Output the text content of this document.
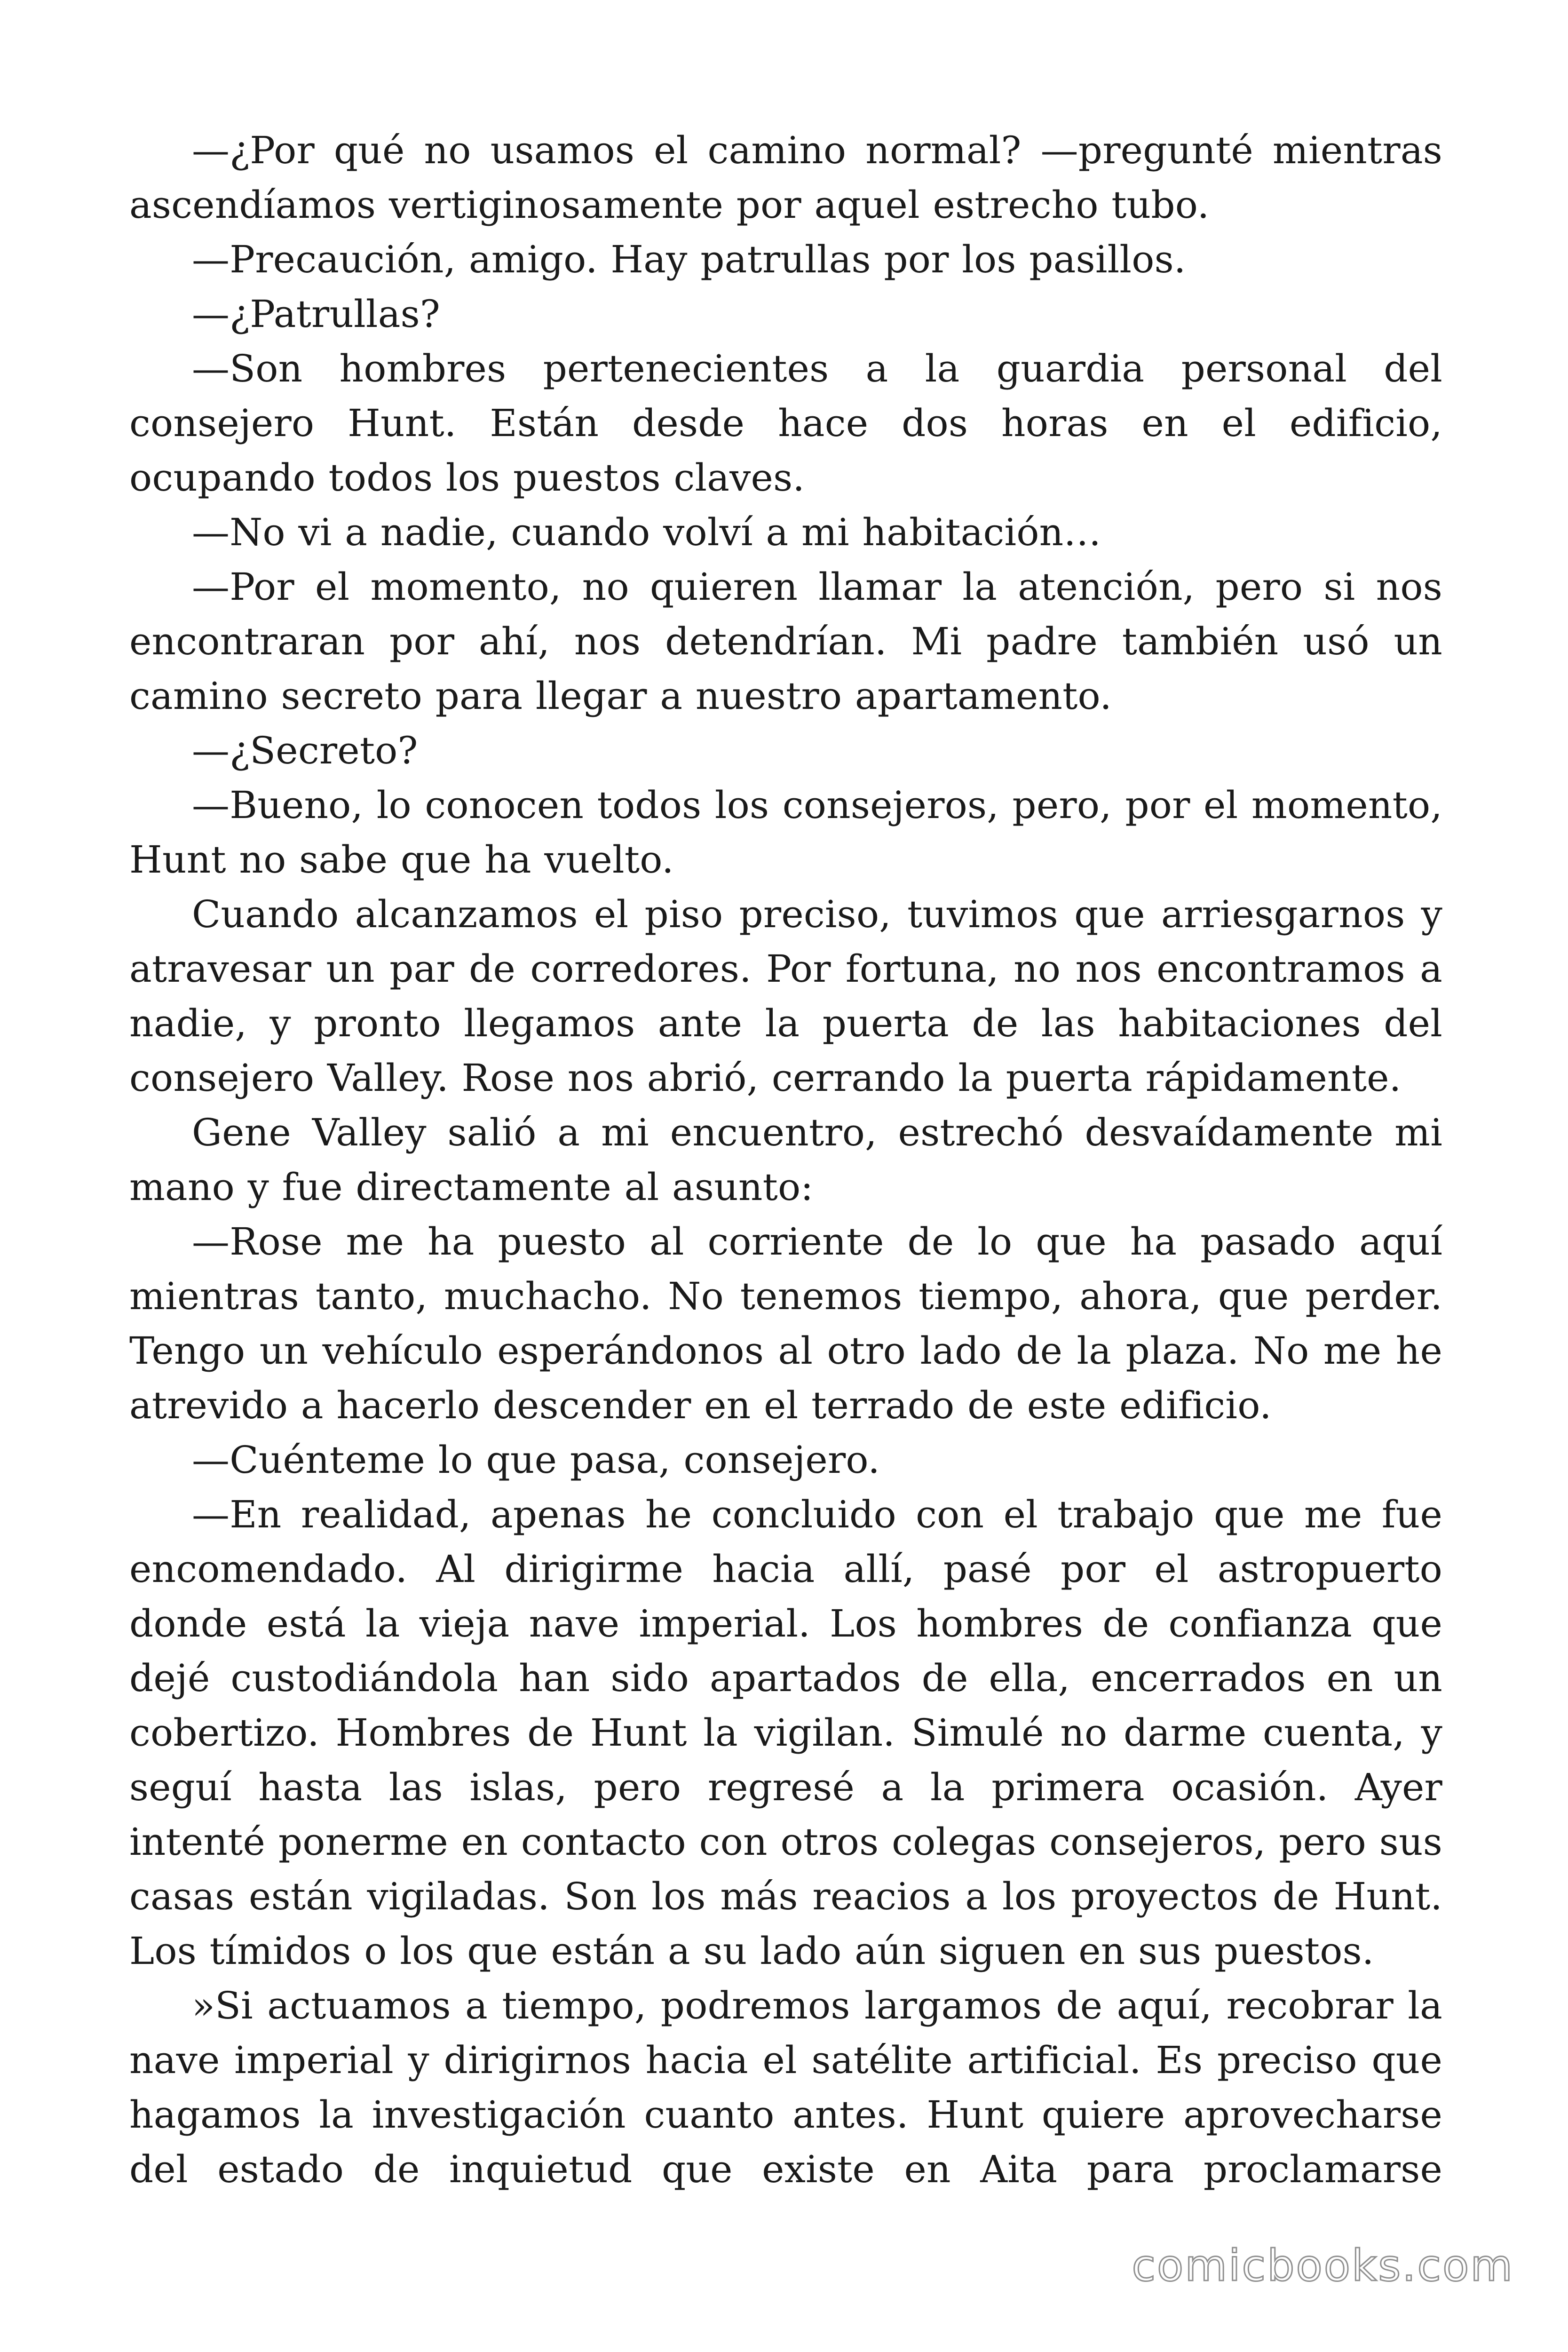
—¿Por qué no usamos el camino normal? —pregunté mientras ascendíamos vertiginosamente por aquel estrecho tubo.

—Precaución, amigo. Hay patrullas por los pasillos.

—¿Patrullas?

—Son hombres pertenecientes a la guardia personal del consejero Hunt. Están desde hace dos horas en el edificio, ocupando todos los puestos claves.

—No vi a nadie, cuando volví a mi habitación…

—Por el momento, no quieren llamar la atención, pero si nos encontraran por ahí, nos detendrían. Mi padre también usó un camino secreto para llegar a nuestro apartamento.

—¿Secreto?

—Bueno, lo conocen todos los consejeros, pero, por el momento, Hunt no sabe que ha vuelto.

Cuando alcanzamos el piso preciso, tuvimos que arriesgarnos y atravesar un par de corredores. Por fortuna, no nos encontramos a nadie, y pronto llegamos ante la puerta de las habitaciones del consejero Valley. Rose nos abrió, cerrando la puerta rápidamente.

Gene Valley salió a mi encuentro, estrechó desvaídamente mi mano y fue directamente al asunto:

—Rose me ha puesto al corriente de lo que ha pasado aquí mientras tanto, muchacho. No tenemos tiempo, ahora, que perder. Tengo un vehículo esperándonos al otro lado de la plaza. No me he atrevido a hacerlo descender en el terrado de este edificio.

—Cuénteme lo que pasa, consejero.

—En realidad, apenas he concluido con el trabajo que me fue encomendado. Al dirigirme hacia allí, pasé por el astropuerto donde está la vieja nave imperial. Los hombres de confianza que dejé custodiándola han sido apartados de ella, encerrados en un cobertizo. Hombres de Hunt la vigilan. Simulé no darme cuenta, y seguí hasta las islas, pero regresé a la primera ocasión. Ayer intenté ponerme en contacto con otros colegas consejeros, pero sus casas están vigiladas. Son los más reacios a los proyectos de Hunt. Los tímidos o los que están a su lado aún siguen en sus puestos.

»Si actuamos a tiempo, podremos largamos de aquí, recobrar la nave imperial y dirigirnos hacia el satélite artificial. Es preciso que hagamos la investigación cuanto antes. Hunt quiere aprovecharse del estado de inquietud que existe en Aita para proclamarse

comicbooks.com
